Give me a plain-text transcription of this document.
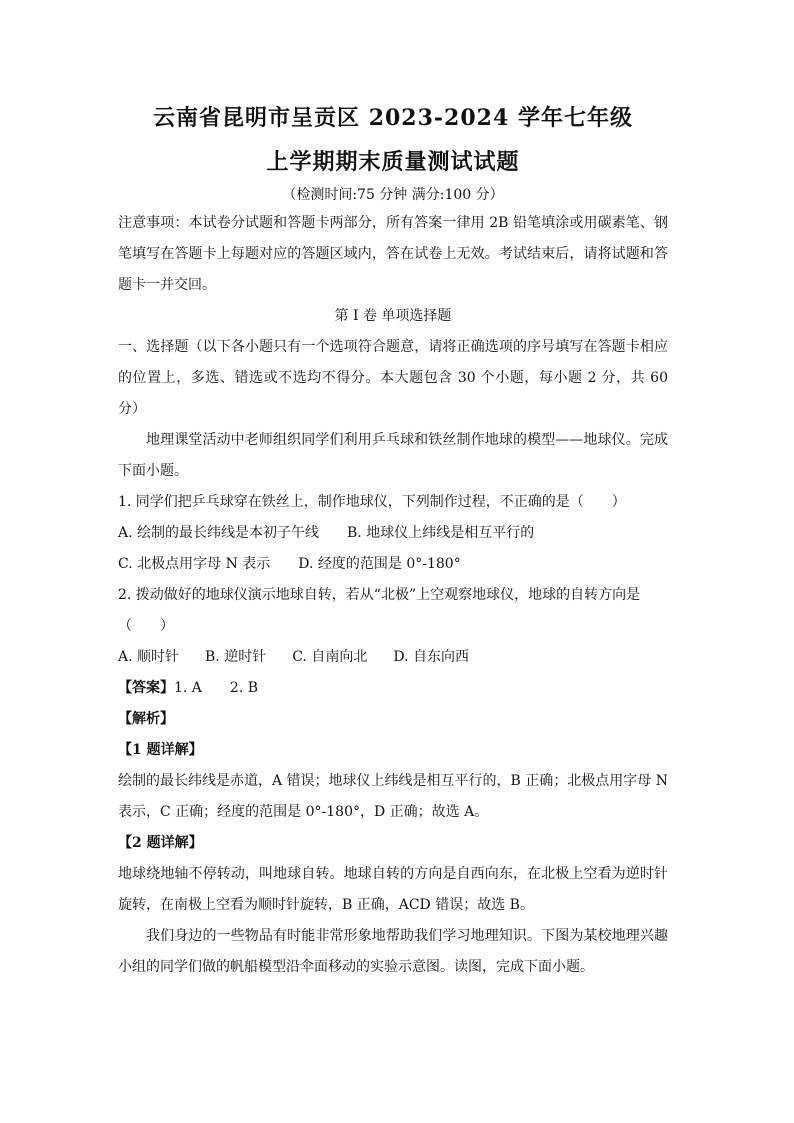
云南省昆明市呈贡区 2023-2024 学年七年级
上学期期末质量测试试题
（检测时间:75 分钟 满分:100 分）

注意事项：本试卷分试题和答题卡两部分，所有答案一律用 2B 铅笔填涂或用碳素笔、钢笔填写在答题卡上每题对应的答题区域内，答在试卷上无效。考试结束后，请将试题和答题卡一并交回。

第 I 卷 单项选择题

一、选择题（以下各小题只有一个选项符合题意，请将正确选项的序号填写在答题卡相应的位置上，多选、错选或不选均不得分。本大题包含 30 个小题，每小题 2 分，共 60 分）

地理课堂活动中老师组织同学们利用乒乓球和铁丝制作地球的模型——地球仪。完成下面小题。

1. 同学们把乒乓球穿在铁丝上，制作地球仪，下列制作过程，不正确的是（　　）

A. 绘制的最长纬线是本初子午线 B. 地球仪上纬线是相互平行的

C. 北极点用字母 N 表示 D. 经度的范围是 0°-180°

2. 拨动做好的地球仪演示地球自转，若从“北极”上空观察地球仪，地球的自转方向是

（　　）

A. 顺时针 B. 逆时针 C. 自南向北 D. 自东向西

【答案】1. A 2. B

【解析】

【1 题详解】

绘制的最长纬线是赤道，A 错误；地球仪上纬线是相互平行的，B 正确；北极点用字母 N 表示，C 正确；经度的范围是 0°-180°，D 正确；故选 A。

【2 题详解】

地球绕地轴不停转动，叫地球自转。地球自转的方向是自西向东，在北极上空看为逆时针旋转，在南极上空看为顺时针旋转，B 正确，ACD 错误；故选 B。

我们身边的一些物品有时能非常形象地帮助我们学习地理知识。下图为某校地理兴趣小组的同学们做的帆船模型沿伞面移动的实验示意图。读图，完成下面小题。
